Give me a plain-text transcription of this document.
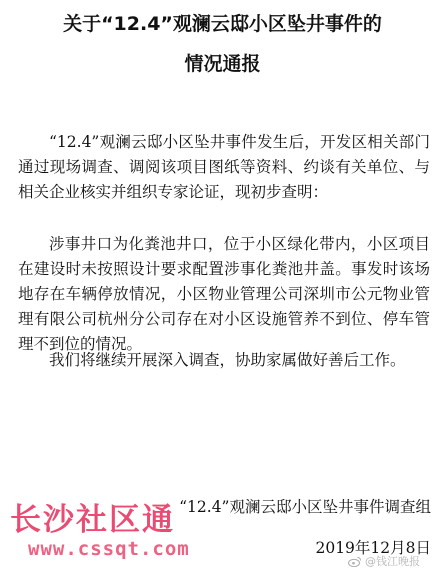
关于“12.4”观澜云邸小区坠井事件的
情况通报

“12.4”观澜云邸小区坠井事件发生后，开发区相关部门通过现场调查、调阅该项目图纸等资料、约谈有关单位、与相关企业核实并组织专家论证，现初步查明：

涉事井口为化粪池井口，位于小区绿化带内，小区项目在建设时未按照设计要求配置涉事化粪池井盖。事发时该场地存在车辆停放情况，小区物业管理公司深圳市公元物业管理有限公司杭州分公司存在对小区设施管养不到位、停车管理不到位的情况。

我们将继续开展深入调查，协助家属做好善后工作。

“12.4”观澜云邸小区坠井事件调查组
2019年12月8日
长沙社区通
www.cssqt.com
@钱江晚报
